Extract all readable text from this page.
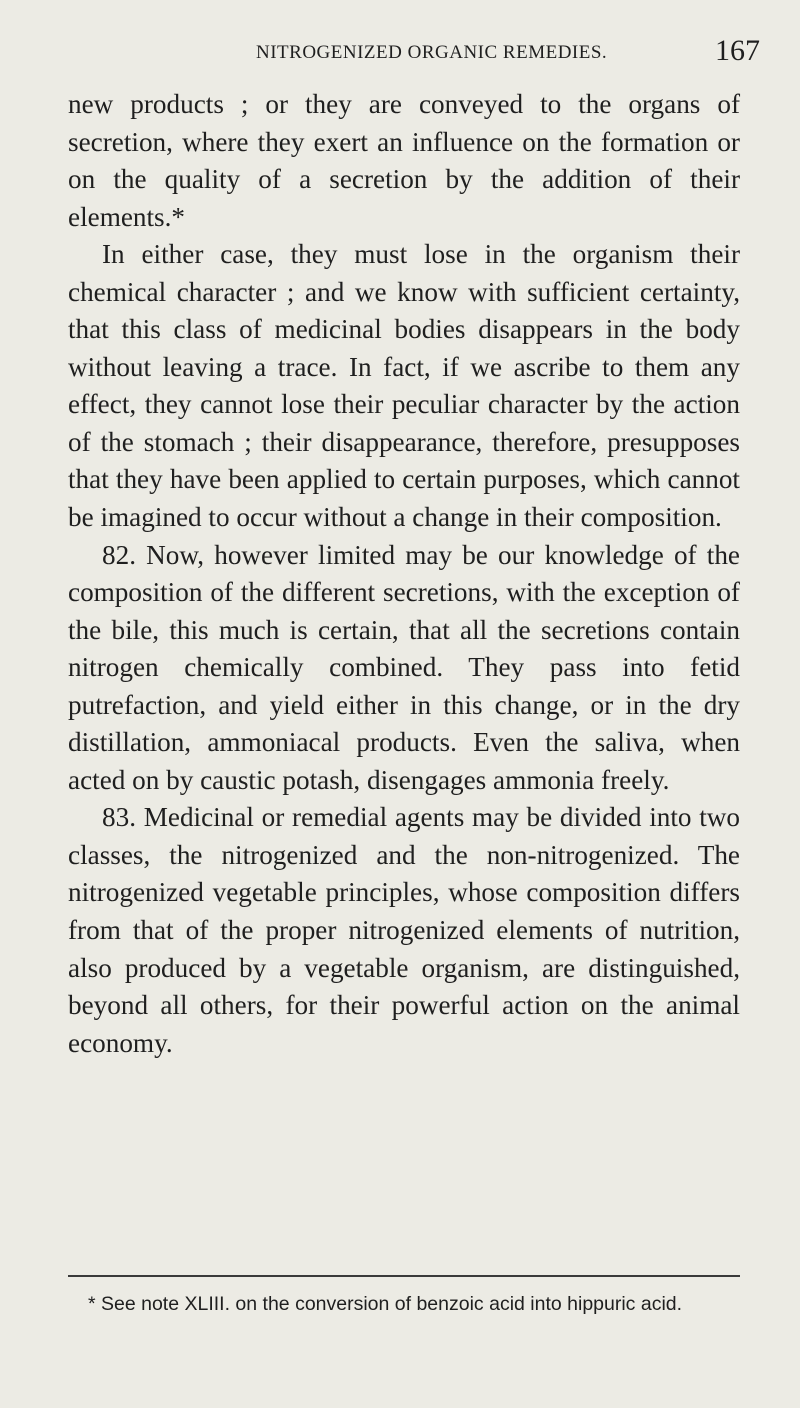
NITROGENIZED ORGANIC REMEDIES.	167

new products ; or they are conveyed to the organs of secretion, where they exert an influence on the formation or on the quality of a secretion by the addition of their elements.*

In either case, they must lose in the organism their chemical character ; and we know with sufficient certainty, that this class of medicinal bodies disappears in the body without leaving a trace. In fact, if we ascribe to them any effect, they cannot lose their peculiar character by the action of the stomach ; their disappearance, therefore, presupposes that they have been applied to certain purposes, which cannot be imagined to occur without a change in their composition.

82. Now, however limited may be our knowledge of the composition of the different secretions, with the exception of the bile, this much is certain, that all the secretions contain nitrogen chemically combined. They pass into fetid putrefaction, and yield either in this change, or in the dry distillation, ammoniacal products. Even the saliva, when acted on by caustic potash, disengages ammonia freely.

83. Medicinal or remedial agents may be divided into two classes, the nitrogenized and the non-nitrogenized. The nitrogenized vegetable principles, whose composition differs from that of the proper nitrogenized elements of nutrition, also produced by a vegetable organism, are distinguished, beyond all others, for their powerful action on the animal economy.

* See note XLIII. on the conversion of benzoic acid into hippuric acid.
